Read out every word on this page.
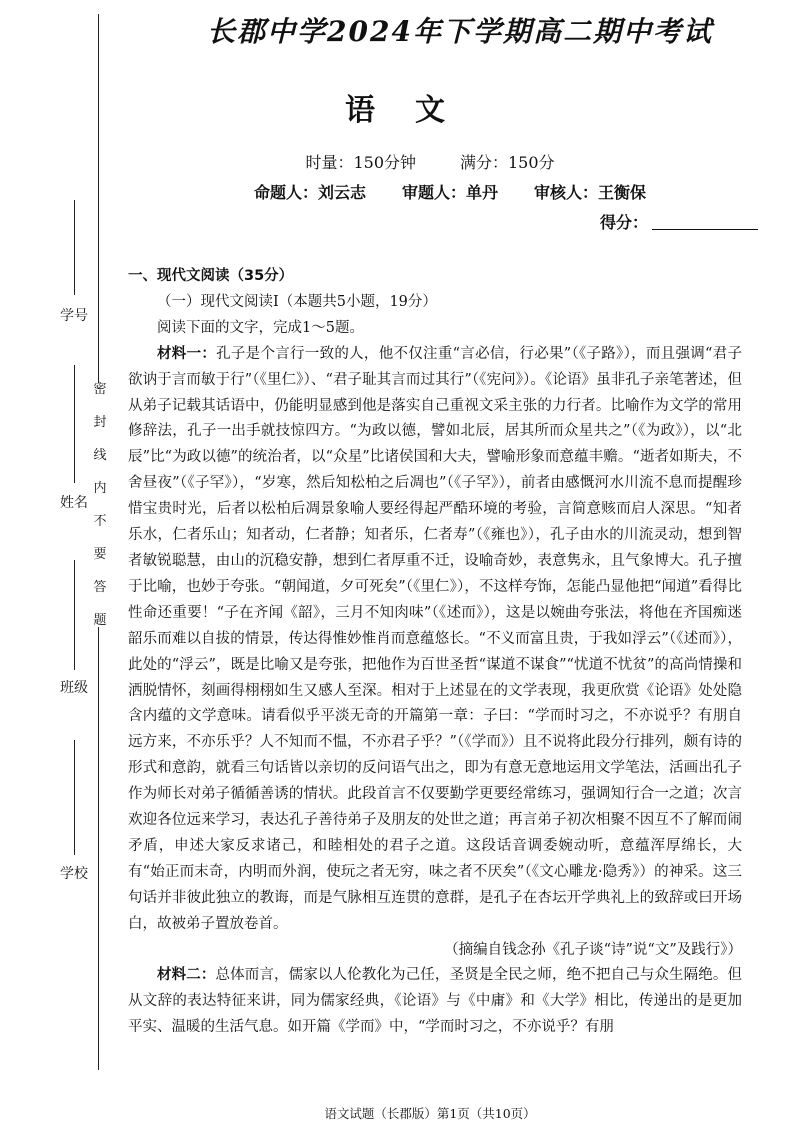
密
封
线
内
不
要
答
题
学号
姓名
班级
学校
长郡中学2024年下学期高二期中考试
语文
时量：150分钟	满分：150分
命题人：刘云志 审题人：单丹 审核人：王衡保
得分：

一、现代文阅读（35分）

（一）现代文阅读Ⅰ（本题共5小题，19分）

阅读下面的文字，完成1～5题。

材料一：孔子是个言行一致的人，他不仅注重“言必信，行必果”（《子路》），而且强调“君子欲讷于言而敏于行”（《里仁》）、“君子耻其言而过其行”（《宪问》）。《论语》虽非孔子亲笔著述，但从弟子记载其话语中，仍能明显感到他是落实自己重视文采主张的力行者。比喻作为文学的常用修辞法，孔子一出手就技惊四方。“为政以德，譬如北辰，居其所而众星共之”（《为政》），以“北辰”比“为政以德”的统治者，以“众星”比诸侯国和大夫，譬喻形象而意蕴丰赡。“逝者如斯夫，不舍昼夜”（《子罕》），“岁寒，然后知松柏之后凋也”（《子罕》），前者由感慨河水川流不息而提醒珍惜宝贵时光，后者以松柏后凋景象喻人要经得起严酷环境的考验，言简意赅而启人深思。“知者乐水，仁者乐山；知者动，仁者静；知者乐，仁者寿”（《雍也》），孔子由水的川流灵动，想到智者敏锐聪慧，由山的沉稳安静，想到仁者厚重不迁，设喻奇妙，表意隽永，且气象博大。孔子擅于比喻，也妙于夸张。“朝闻道，夕可死矣”（《里仁》），不这样夸饰，怎能凸显他把“闻道”看得比性命还重要！“子在齐闻《韶》，三月不知肉味”（《述而》），这是以婉曲夸张法，将他在齐国痴迷韶乐而难以自拔的情景，传达得惟妙惟肖而意蕴悠长。“不义而富且贵，于我如浮云”（《述而》），此处的“浮云”，既是比喻又是夸张，把他作为百世圣哲“谋道不谋食”“忧道不忧贫”的高尚情操和洒脱情怀，刻画得栩栩如生又感人至深。相对于上述显在的文学表现，我更欣赏《论语》处处隐含内蕴的文学意味。请看似乎平淡无奇的开篇第一章：子曰：“学而时习之，不亦说乎？有朋自远方来，不亦乐乎？人不知而不愠，不亦君子乎？”（《学而》）且不说将此段分行排列，颇有诗的形式和意韵，就看三句话皆以亲切的反问语气出之，即为有意无意地运用文学笔法，活画出孔子作为师长对弟子循循善诱的情状。此段首言不仅要勤学更要经常练习，强调知行合一之道；次言欢迎各位远来学习，表达孔子善待弟子及朋友的处世之道；再言弟子初次相聚不因互不了解而闹矛盾，申述大家反求诸己，和睦相处的君子之道。这段话音调委婉动听，意蕴浑厚绵长，大有“始正而末奇，内明而外润，使玩之者无穷，味之者不厌矣”（《文心雕龙·隐秀》）的神采。这三句话并非彼此独立的教诲，而是气脉相互连贯的意群，是孔子在杏坛开学典礼上的致辞或曰开场白，故被弟子置放卷首。

（摘编自钱念孙《孔子谈“诗”说“文”及践行》）

材料二：总体而言，儒家以人伦教化为己任，圣贤是全民之师，绝不把自己与众生隔绝。但从文辞的表达特征来讲，同为儒家经典，《论语》与《中庸》和《大学》相比，传递出的是更加平实、温暖的生活气息。如开篇《学而》中，“学而时习之，不亦说乎？有朋

语文试题（长郡版）第1页（共10页）
